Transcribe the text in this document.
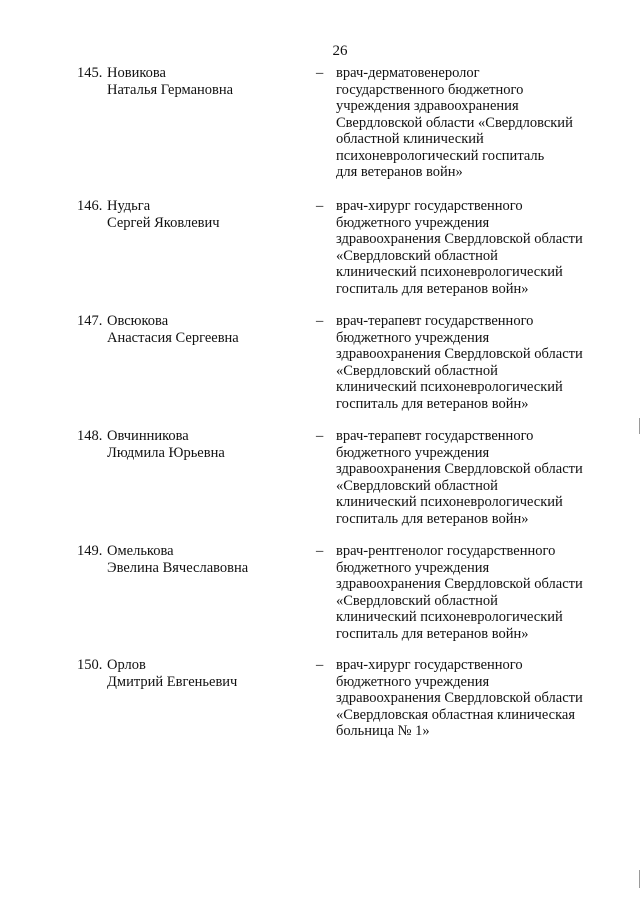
26
145. Новикова
Наталья Германовна
– врач-дерматовенеролог
государственного бюджетного
учреждения здравоохранения
Свердловской области «Свердловский
областной клинический
психоневрологический госпиталь
для ветеранов войн»
146. Нудьга
Сергей Яковлевич
– врач-хирург государственного
бюджетного учреждения
здравоохранения Свердловской области
«Свердловский областной
клинический психоневрологический
госпиталь для ветеранов войн»
147. Овсюкова
Анастасия Сергеевна
– врач-терапевт государственного
бюджетного учреждения
здравоохранения Свердловской области
«Свердловский областной
клинический психоневрологический
госпиталь для ветеранов войн»
148. Овчинникова
Людмила Юрьевна
– врач-терапевт государственного
бюджетного учреждения
здравоохранения Свердловской области
«Свердловский областной
клинический психоневрологический
госпиталь для ветеранов войн»
149. Омелькова
Эвелина Вячеславовна
– врач-рентгенолог государственного
бюджетного учреждения
здравоохранения Свердловской области
«Свердловский областной
клинический психоневрологический
госпиталь для ветеранов войн»
150. Орлов
Дмитрий Евгеньевич
– врач-хирург государственного
бюджетного учреждения
здравоохранения Свердловской области
«Свердловская областная клиническая
больница № 1»
